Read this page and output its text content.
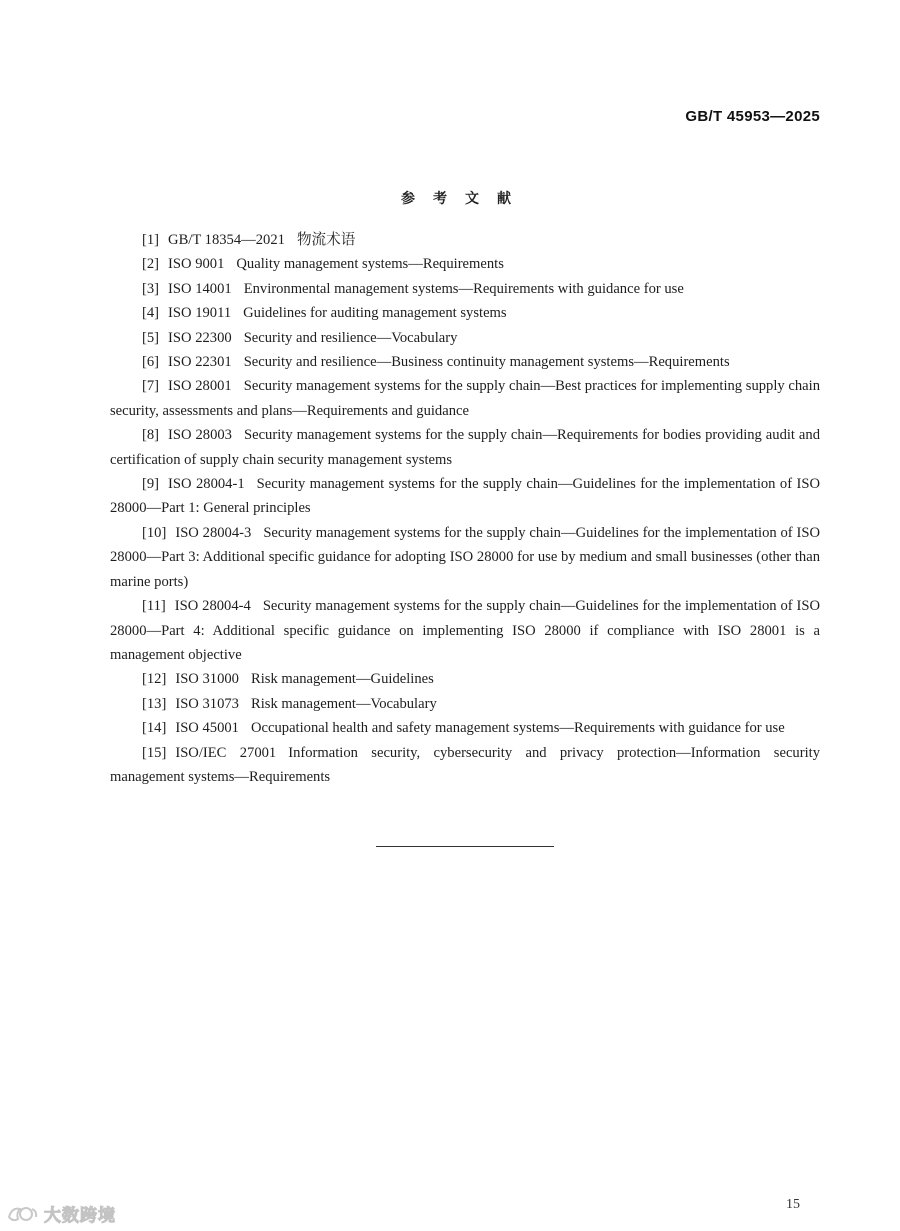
GB/T 45953—2025
参考文献
[1] GB/T 18354—2021 物流术语
[2] ISO 9001 Quality management systems—Requirements
[3] ISO 14001 Environmental management systems—Requirements with guidance for use
[4] ISO 19011 Guidelines for auditing management systems
[5] ISO 22300 Security and resilience—Vocabulary
[6] ISO 22301 Security and resilience—Business continuity management systems—Requirements
[7] ISO 28001 Security management systems for the supply chain—Best practices for implementing supply chain security, assessments and plans—Requirements and guidance
[8] ISO 28003 Security management systems for the supply chain—Requirements for bodies providing audit and certification of supply chain security management systems
[9] ISO 28004-1 Security management systems for the supply chain—Guidelines for the implementation of ISO 28000—Part 1: General principles
[10] ISO 28004-3 Security management systems for the supply chain—Guidelines for the implementation of ISO 28000—Part 3: Additional specific guidance for adopting ISO 28000 for use by medium and small businesses (other than marine ports)
[11] ISO 28004-4 Security management systems for the supply chain—Guidelines for the implementation of ISO 28000—Part 4: Additional specific guidance on implementing ISO 28000 if compliance with ISO 28001 is a management objective
[12] ISO 31000 Risk management—Guidelines
[13] ISO 31073 Risk management—Vocabulary
[14] ISO 45001 Occupational health and safety management systems—Requirements with guidance for use
[15] ISO/IEC 27001 Information security, cybersecurity and privacy protection—Information security management systems—Requirements
15
大数跨境
